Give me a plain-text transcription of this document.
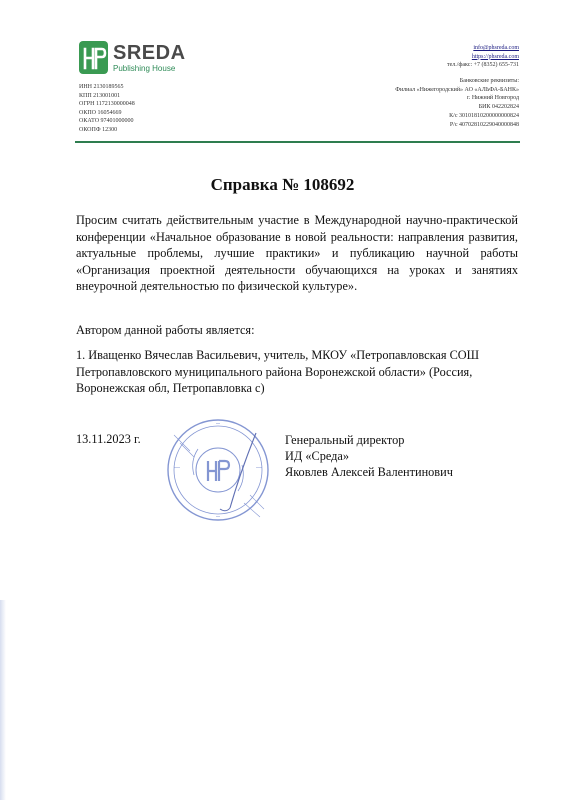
SREDA
Publishing House
ИНН 2130189565
КПП 213001001
ОГРН 1172130000048
ОКПО 16054669
ОКАТО 97401000000
ОКОПФ 12300
info@phsreda.com
https://phsreda.com
тел./факс: +7 (8352) 655-731
Банковские реквизиты:
Филиал «Нижегородский» АО «АЛЬФА-БАНК»
г. Нижний Новгород
БИК 042202824
К/с 30101810200000000824
Р/с 40702810229040000848
Справка № 108692

Просим считать действительным участие в Международной научно-практической конференции «Начальное образование в новой реальности: направления развития, актуальные проблемы, лучшие практики» и публикацию научной работы «Организация проектной деятельности обучающихся на уроках и занятиях внеурочной деятельностью по физической культуре».

Автором данной работы является:

1. Иващенко Вячеслав Васильевич, учитель, МКОУ «Петропавловская СОШ Петропавловского муниципального района Воронежской области» (Россия, Воронежская обл, Петропавловка с)

13.11.2023 г.	Генеральный директор
ИД «Среда»
Яковлев Алексей Валентинович
